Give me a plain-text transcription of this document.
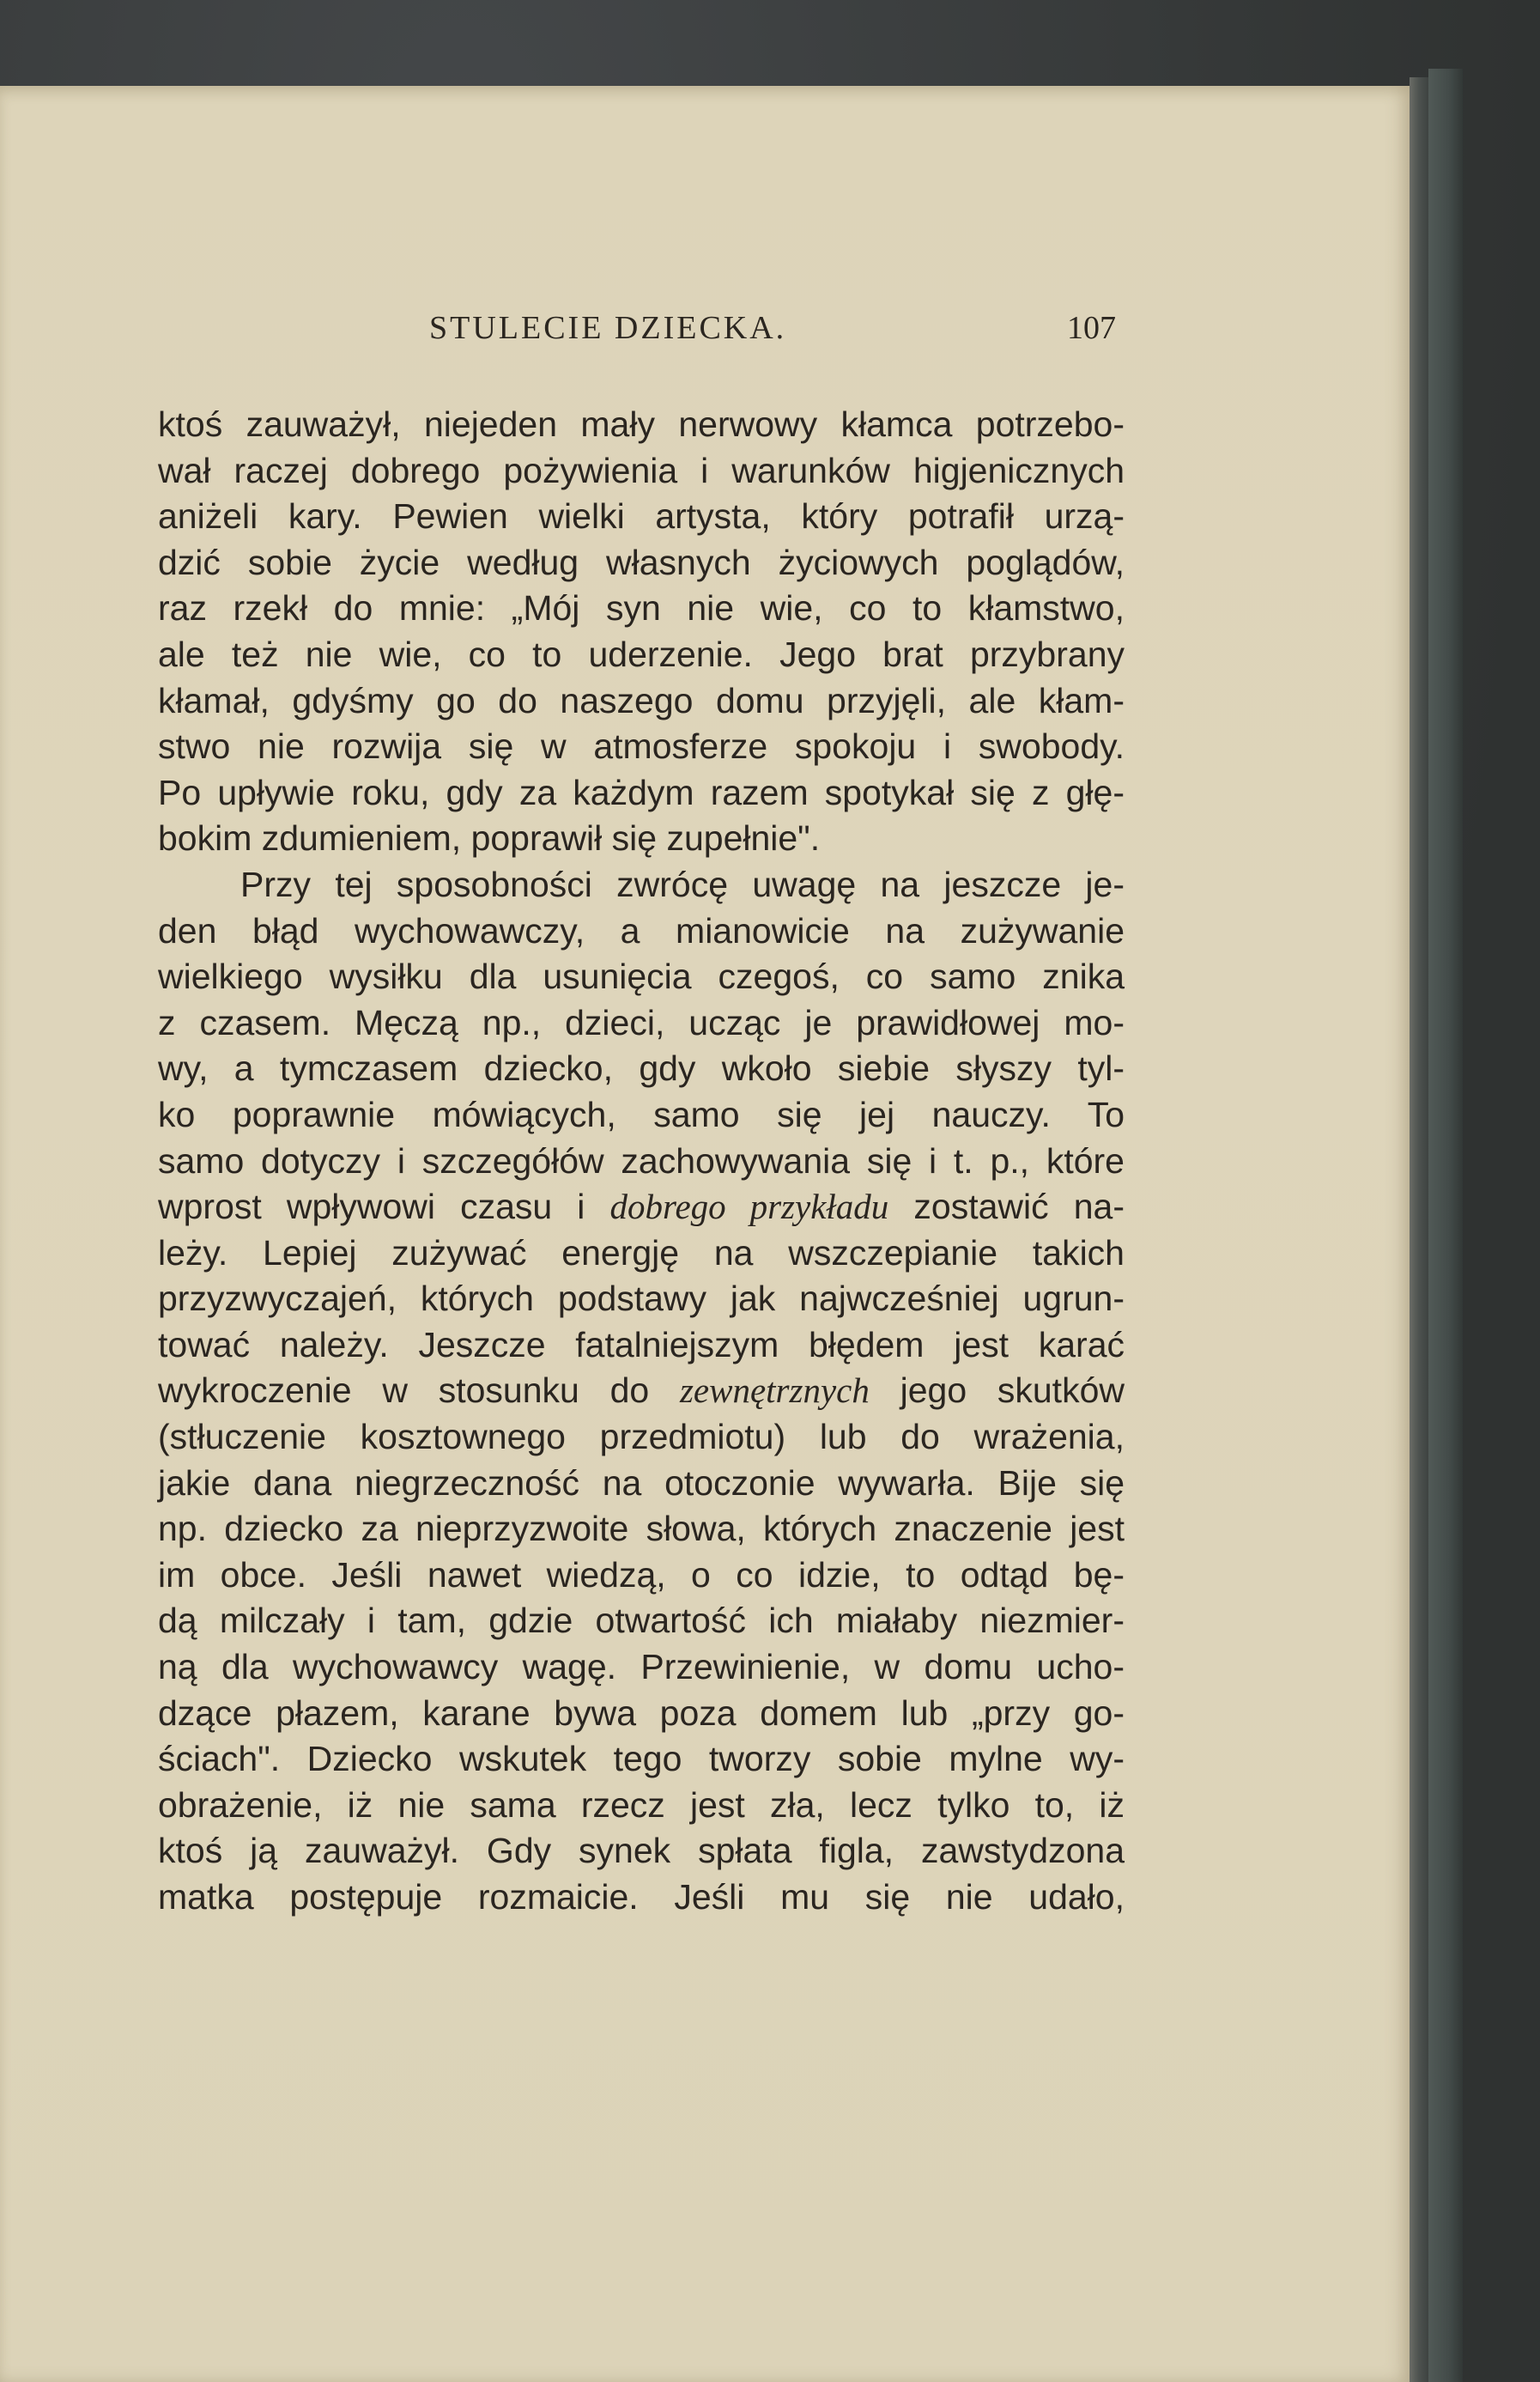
STULECIE DZIECKA.	107
ktoś zauważył, niejeden mały nerwowy kłamca potrzebo-
wał raczej dobrego pożywienia i warunków higjenicznych
aniżeli kary. Pewien wielki artysta, który potrafił urzą-
dzić sobie życie według własnych życiowych poglądów,
raz rzekł do mnie: „Mój syn nie wie, co to kłamstwo,
ale też nie wie, co to uderzenie. Jego brat przybrany
kłamał, gdyśmy go do naszego domu przyjęli, ale kłam-
stwo nie rozwija się w atmosferze spokoju i swobody.
Po upływie roku, gdy za każdym razem spotykał się z głę-
bokim zdumieniem, poprawił się zupełnie".
Przy tej sposobności zwrócę uwagę na jeszcze je-
den błąd wychowawczy, a mianowicie na zużywanie
wielkiego wysiłku dla usunięcia czegoś, co samo znika
z czasem. Męczą np., dzieci, ucząc je prawidłowej mo-
wy, a tymczasem dziecko, gdy wkoło siebie słyszy tyl-
ko poprawnie mówiących, samo się jej nauczy. To
samo dotyczy i szczegółów zachowywania się i t. p., które
wprost wpływowi czasu i dobrego przykładu zostawić na-
leży. Lepiej zużywać energję na wszczepianie takich
przyzwyczajeń, których podstawy jak najwcześniej ugrun-
tować należy. Jeszcze fatalniejszym błędem jest karać
wykroczenie w stosunku do zewnętrznych jego skutków
(stłuczenie kosztownego przedmiotu) lub do wrażenia,
jakie dana niegrzeczność na otoczonie wywarła. Bije się
np. dziecko za nieprzyzwoite słowa, których znaczenie jest
im obce. Jeśli nawet wiedzą, o co idzie, to odtąd bę-
dą milczały i tam, gdzie otwartość ich miałaby niezmier-
ną dla wychowawcy wagę. Przewinienie, w domu ucho-
dzące płazem, karane bywa poza domem lub „przy go-
ściach". Dziecko wskutek tego tworzy sobie mylne wy-
obrażenie, iż nie sama rzecz jest zła, lecz tylko to, iż
ktoś ją zauważył. Gdy synek spłata figla, zawstydzona
matka postępuje rozmaicie. Jeśli mu się nie udało,
